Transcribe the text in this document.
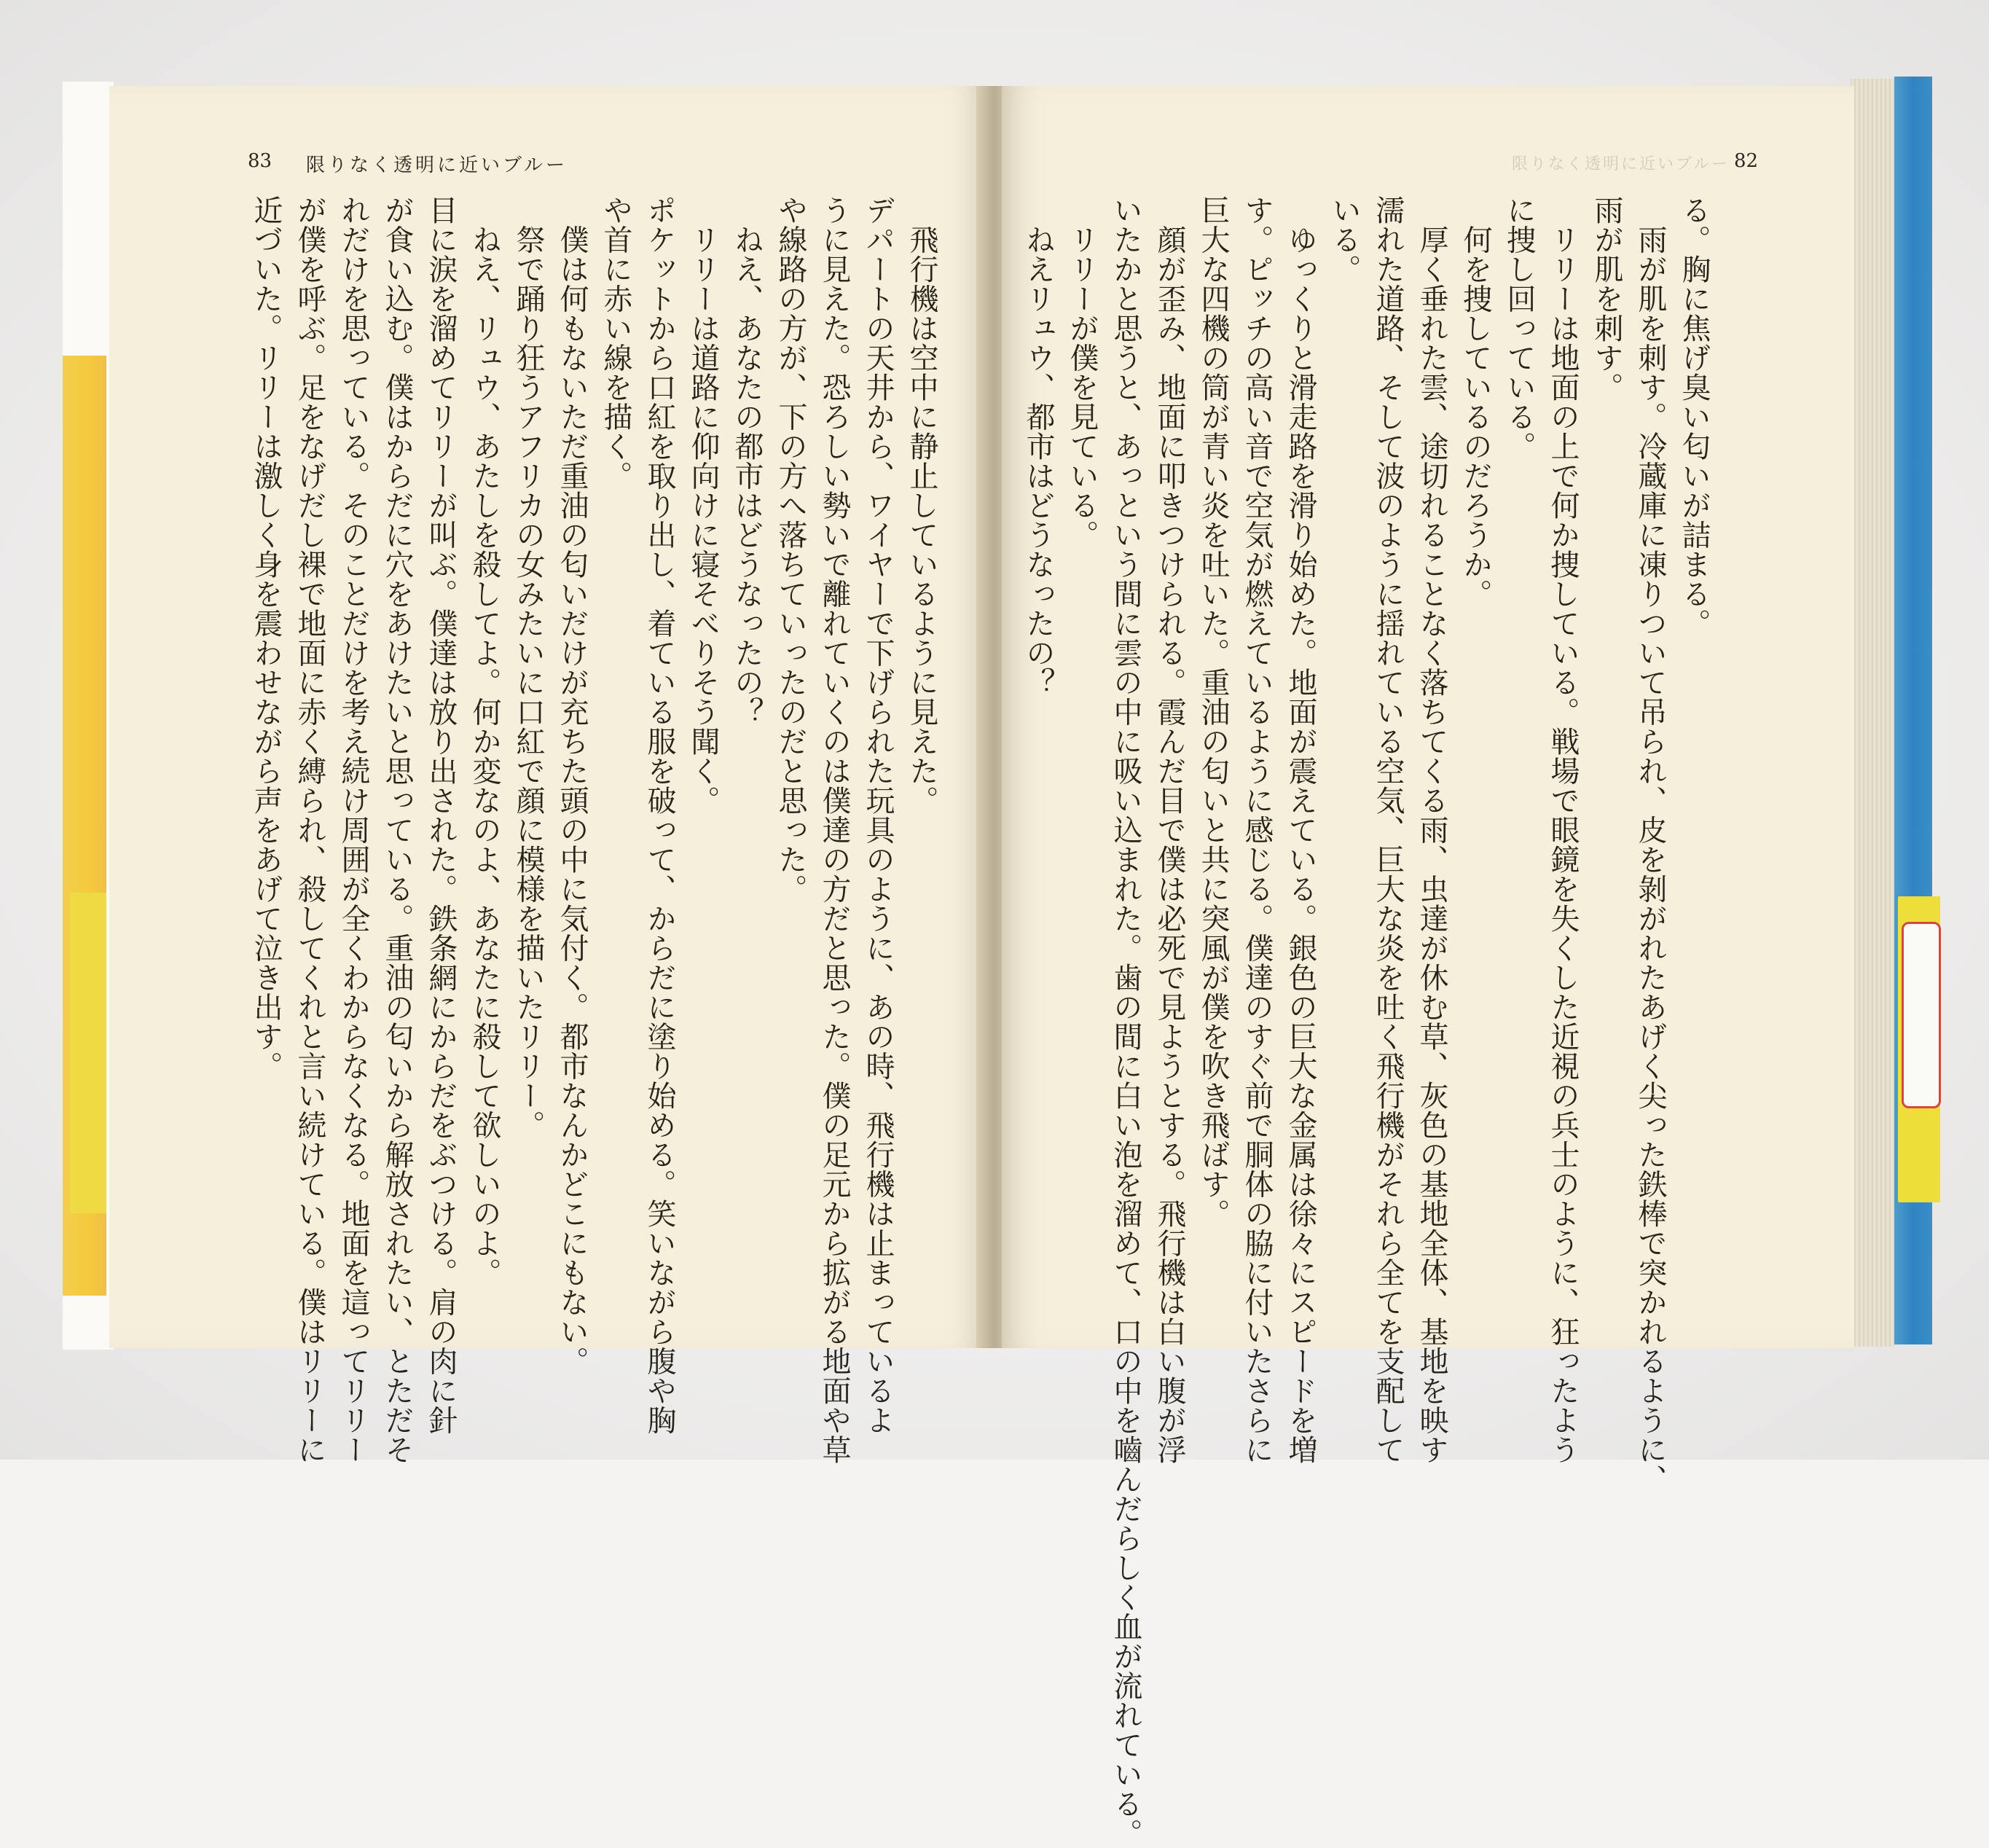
83 限りなく透明に近いブルー
飛行機は空中に静止しているように見えた。
デパートの天井から、ワイヤーで下げられた玩具のように、あの時、飛行機は止まっているよ
うに見えた。恐ろしい勢いで離れていくのは僕達の方だと思った。僕の足元から拡がる地面や草
や線路の方が、下の方へ落ちていったのだと思った。
ねえ、あなたの都市はどうなったの？
リリーは道路に仰向けに寝そべりそう聞く。
ポケットから口紅を取り出し、着ている服を破って、からだに塗り始める。笑いながら腹や胸
や首に赤い線を描く。
僕は何もないただ重油の匂いだけが充ちた頭の中に気付く。都市なんかどこにもない。
祭で踊り狂うアフリカの女みたいに口紅で顔に模様を描いたリリー。
ねえ、リュウ、あたしを殺してよ。何か変なのよ、あなたに殺して欲しいのよ。
目に涙を溜めてリリーが叫ぶ。僕達は放り出された。鉄条網にからだをぶつける。肩の肉に針
が食い込む。僕はからだに穴をあけたいと思っている。重油の匂いから解放されたい、とただそ
れだけを思っている。そのことだけを考え続け周囲が全くわからなくなる。地面を這ってリリー
が僕を呼ぶ。足をなげだし裸で地面に赤く縛られ、殺してくれと言い続けている。僕はリリーに
近づいた。リリーは激しく身を震わせながら声をあげて泣き出す。
限りなく透明に近いブルー 82
る。胸に焦げ臭い匂いが詰まる。
雨が肌を刺す。冷蔵庫に凍りついて吊られ、皮を剝がれたあげく尖った鉄棒で突かれるように、
雨が肌を刺す。
リリーは地面の上で何か捜している。戦場で眼鏡を失くした近視の兵士のように、狂ったよう
に捜し回っている。
何を捜しているのだろうか。
厚く垂れた雲、途切れることなく落ちてくる雨、虫達が休む草、灰色の基地全体、基地を映す
濡れた道路、そして波のように揺れている空気、巨大な炎を吐く飛行機がそれら全てを支配して
いる。
ゆっくりと滑走路を滑り始めた。地面が震えている。銀色の巨大な金属は徐々にスピードを増
す。ピッチの高い音で空気が燃えているように感じる。僕達のすぐ前で胴体の脇に付いたさらに
巨大な四機の筒が青い炎を吐いた。重油の匂いと共に突風が僕を吹き飛ばす。
顔が歪み、地面に叩きつけられる。霞んだ目で僕は必死で見ようとする。飛行機は白い腹が浮
いたかと思うと、あっという間に雲の中に吸い込まれた。歯の間に白い泡を溜めて、口の中を嚙んだらしく血が流れている。
リリーが僕を見ている。
ねえリュウ、都市はどうなったの？
